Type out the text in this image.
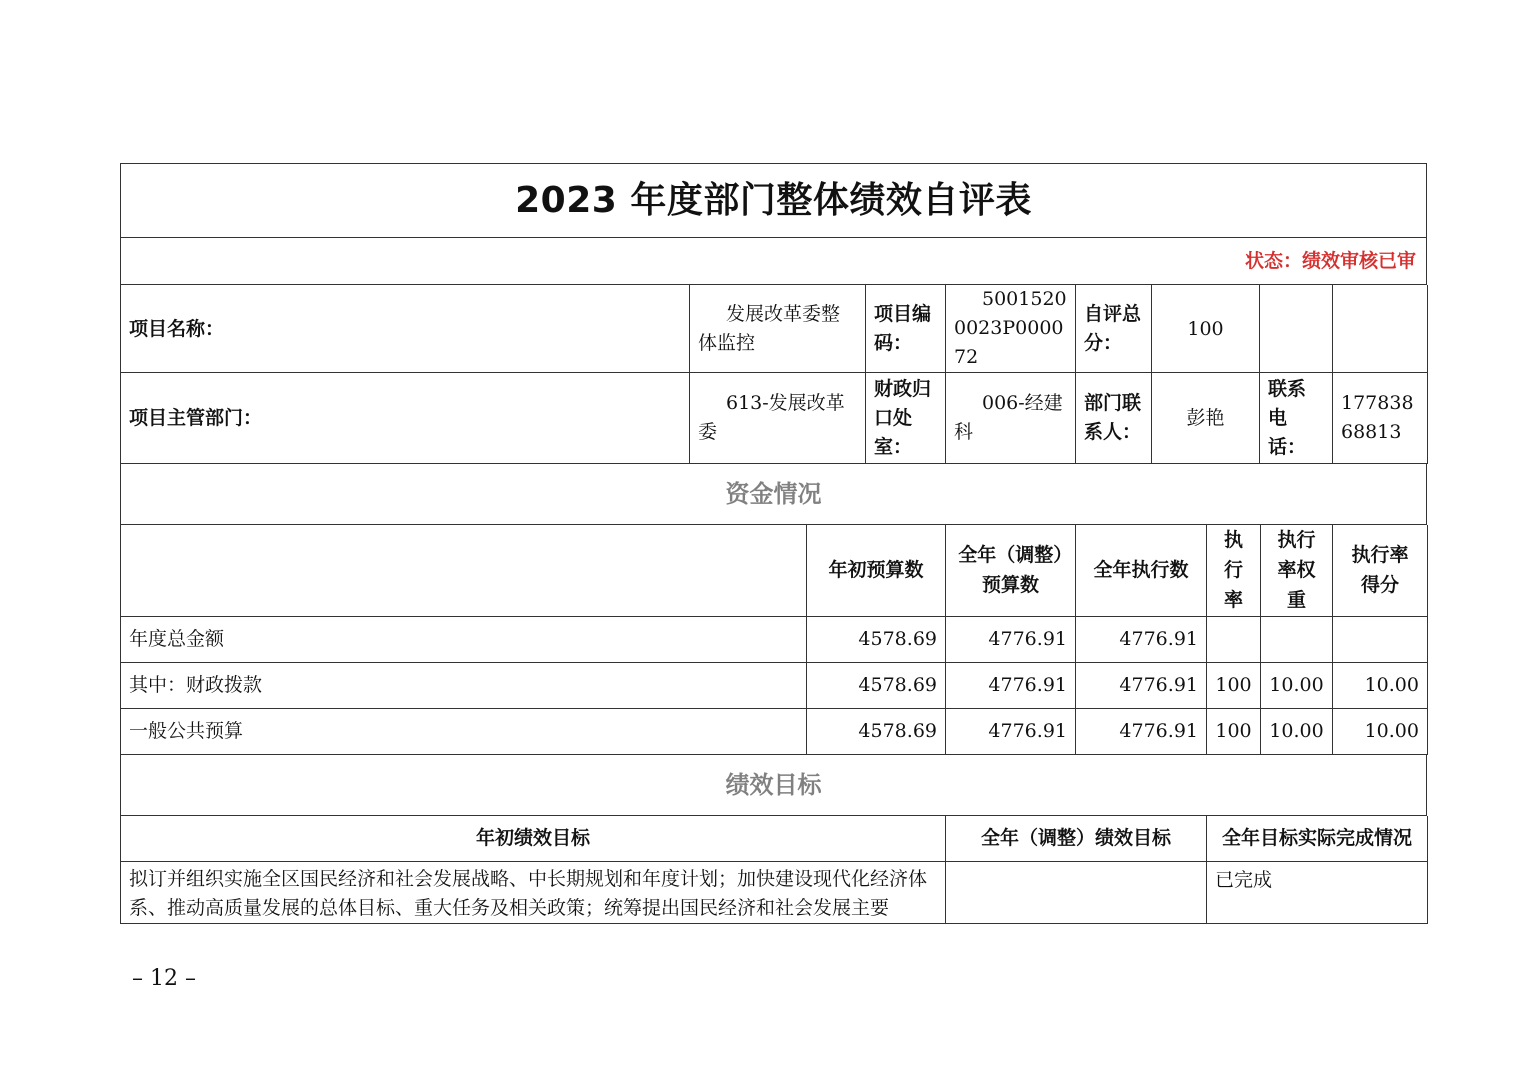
2023 年度部门整体绩效自评表
状态：绩效审核已审
项目名称：	发展改革委整体监控	项目编码：	50015200023P000072	自评总分：	100		
项目主管部门：	613-发展改革委	财政归口处室：	006-经建科	部门联系人：	彭艳	联系电话：	17783868813
资金情况
	年初预算数	全年（调整）预算数	全年执行数	执行率	执行率权重	执行率得分
年度总金额	4578.69	4776.91	4776.91			
其中：财政拨款	4578.69	4776.91	4776.91	100	10.00	10.00
一般公共预算	4578.69	4776.91	4776.91	100	10.00	10.00
绩效目标
年初绩效目标	全年（调整）绩效目标	全年目标实际完成情况
拟订并组织实施全区国民经济和社会发展战略、中长期规划和年度计划；加快建设现代化经济体系、推动高质量发展的总体目标、重大任务及相关政策；统筹提出国民经济和社会发展主要		已完成
– 12 –
